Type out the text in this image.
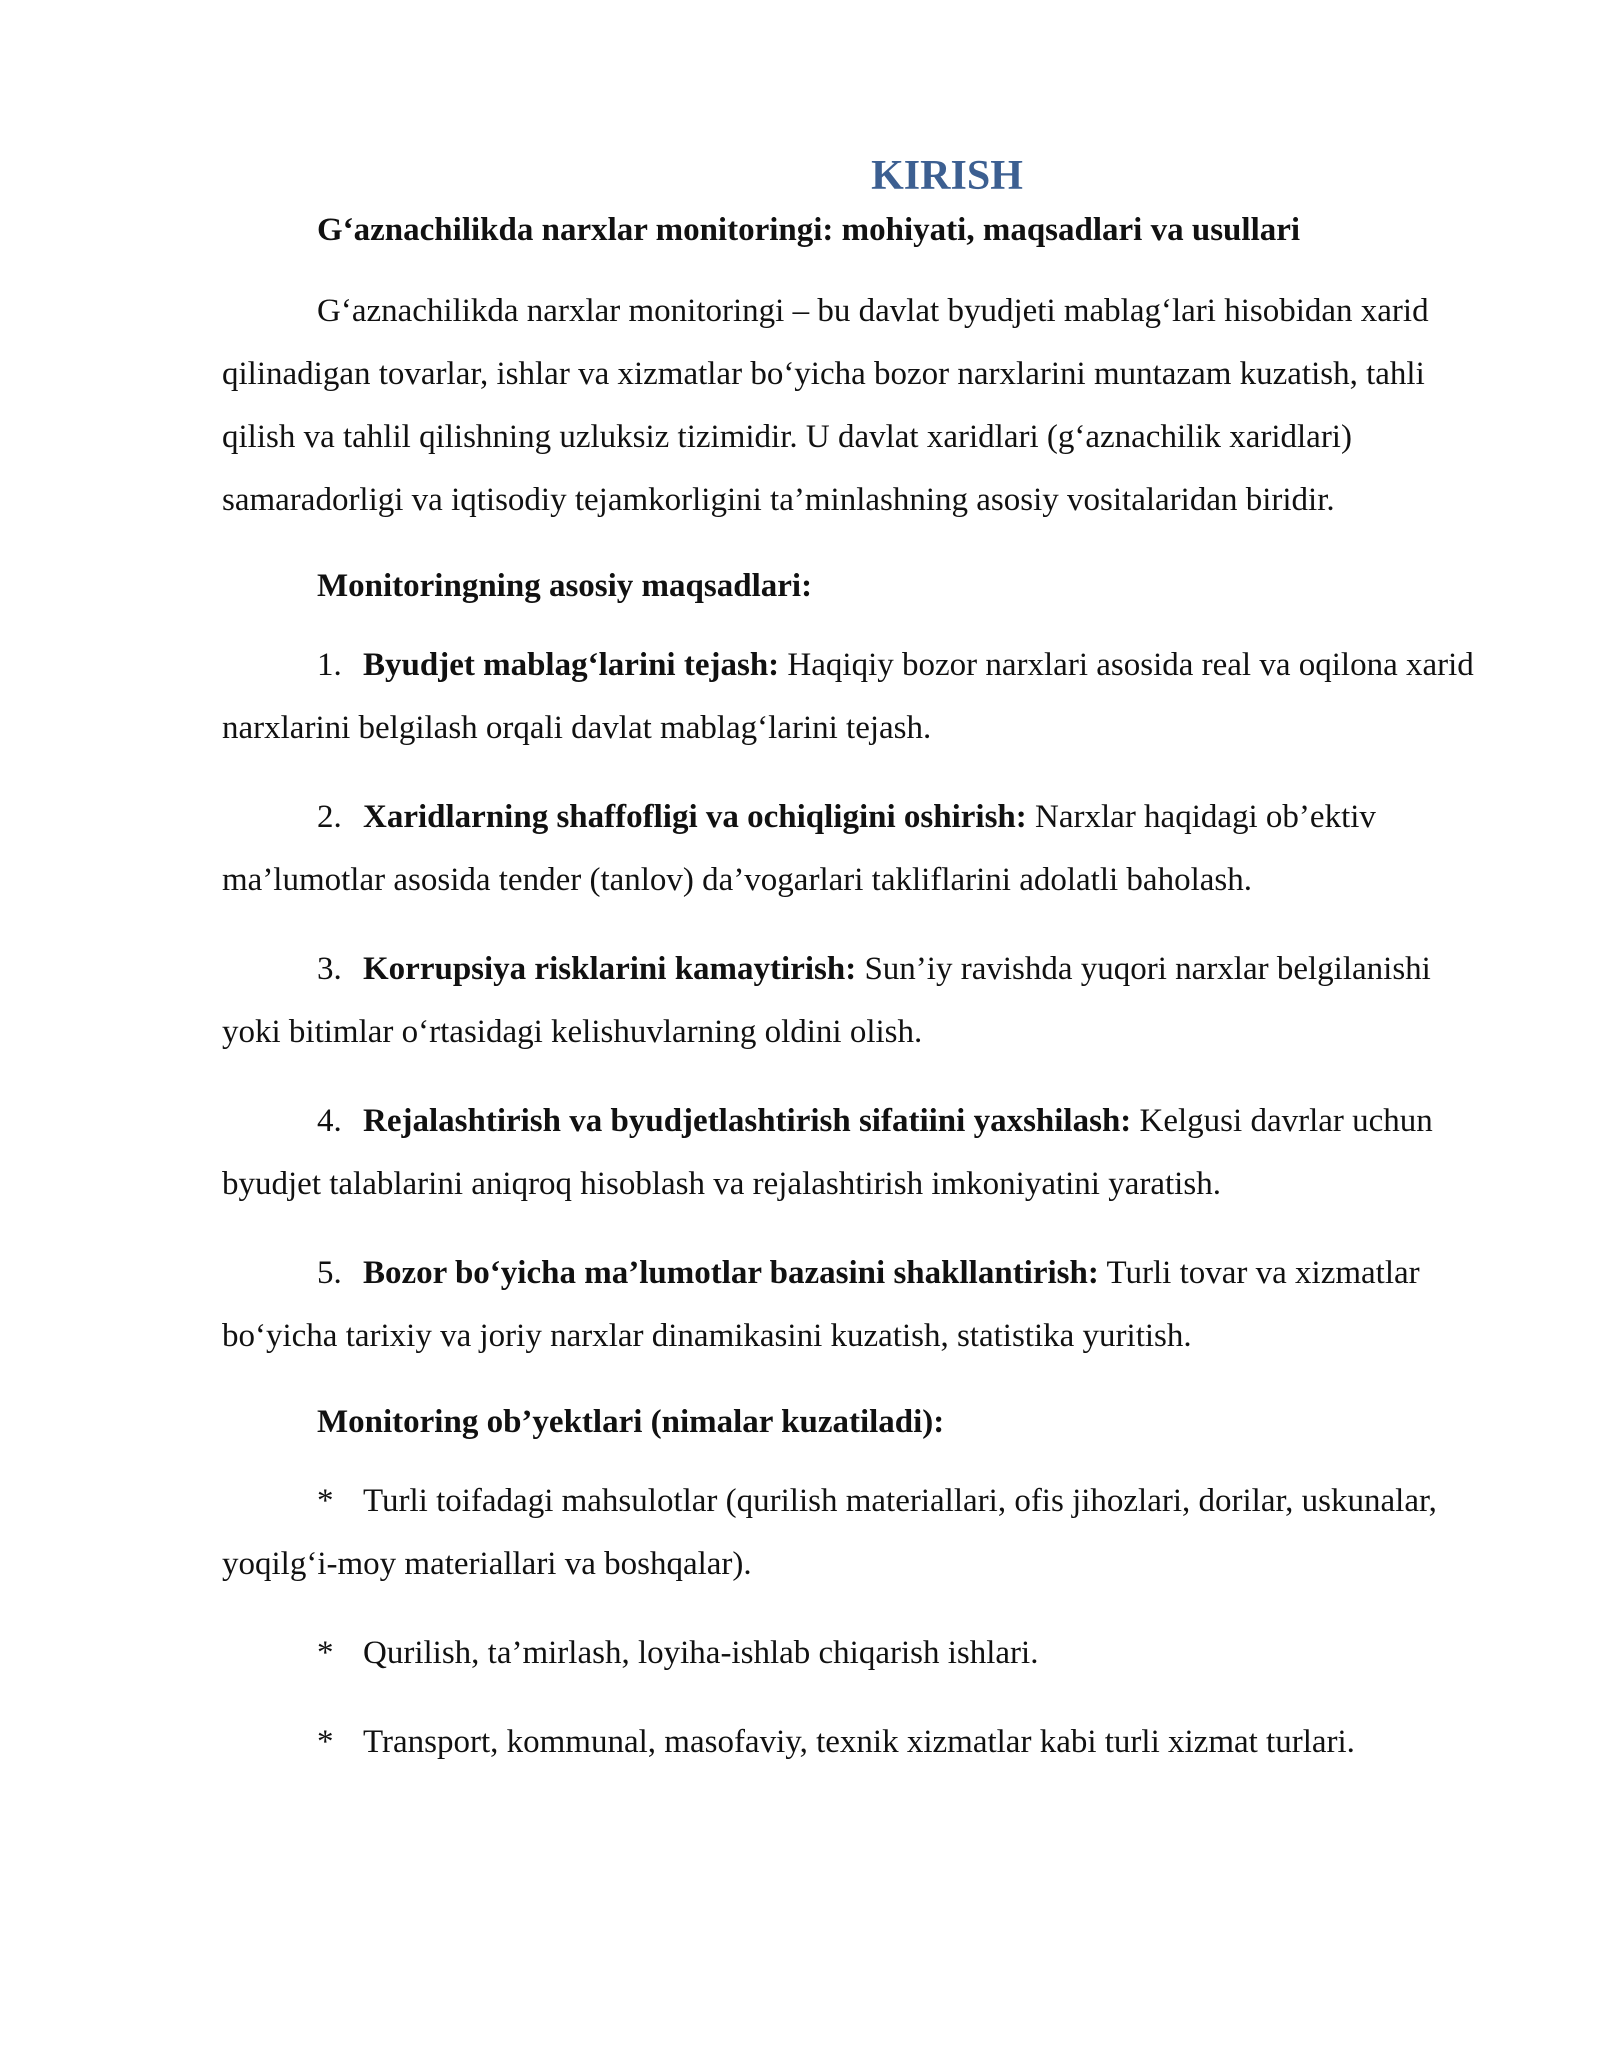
KIRISH
G‘aznachilikda narxlar monitoringi: mohiyati, maqsadlari va usullari

G‘aznachilikda narxlar monitoringi – bu davlat byudjeti mablag‘lari hisobidan xarid qilinadigan tovarlar, ishlar va xizmatlar bo‘yicha bozor narxlarini muntazam kuzatish, tahli qilish va tahlil qilishning uzluksiz tizimidir. U davlat xaridlari (g‘aznachilik xaridlari) samaradorligi va iqtisodiy tejamkorligini ta’minlashning asosiy vositalaridan biridir.

Monitoringning asosiy maqsadlari:
1. Byudjet mablag‘larini tejash: Haqiqiy bozor narxlari asosida real va oqilona xarid narxlarini belgilash orqali davlat mablag‘larini tejash.
2. Xaridlarning shaffofligi va ochiqligini oshirish: Narxlar haqidagi ob’ektiv ma’lumotlar asosida tender (tanlov) da’vogarlari takliflarini adolatli baholash.
3. Korrupsiya risklarini kamaytirish: Sun’iy ravishda yuqori narxlar belgilanishi yoki bitimlar o‘rtasidagi kelishuvlarning oldini olish.
4. Rejalashtirish va byudjetlashtirish sifatiini yaxshilash: Kelgusi davrlar uchun byudjet talablarini aniqroq hisoblash va rejalashtirish imkoniyatini yaratish.
5. Bozor bo‘yicha ma’lumotlar bazasini shakllantirish: Turli tovar va xizmatlar bo‘yicha tarixiy va joriy narxlar dinamikasini kuzatish, statistika yuritish.
Monitoring ob’yektlari (nimalar kuzatiladi):
* Turli toifadagi mahsulotlar (qurilish materiallari, ofis jihozlari, dorilar, uskunalar, yoqilg‘i-moy materiallari va boshqalar).
* Qurilish, ta’mirlash, loyiha-ishlab chiqarish ishlari.
* Transport, kommunal, masofaviy, texnik xizmatlar kabi turli xizmat turlari.
